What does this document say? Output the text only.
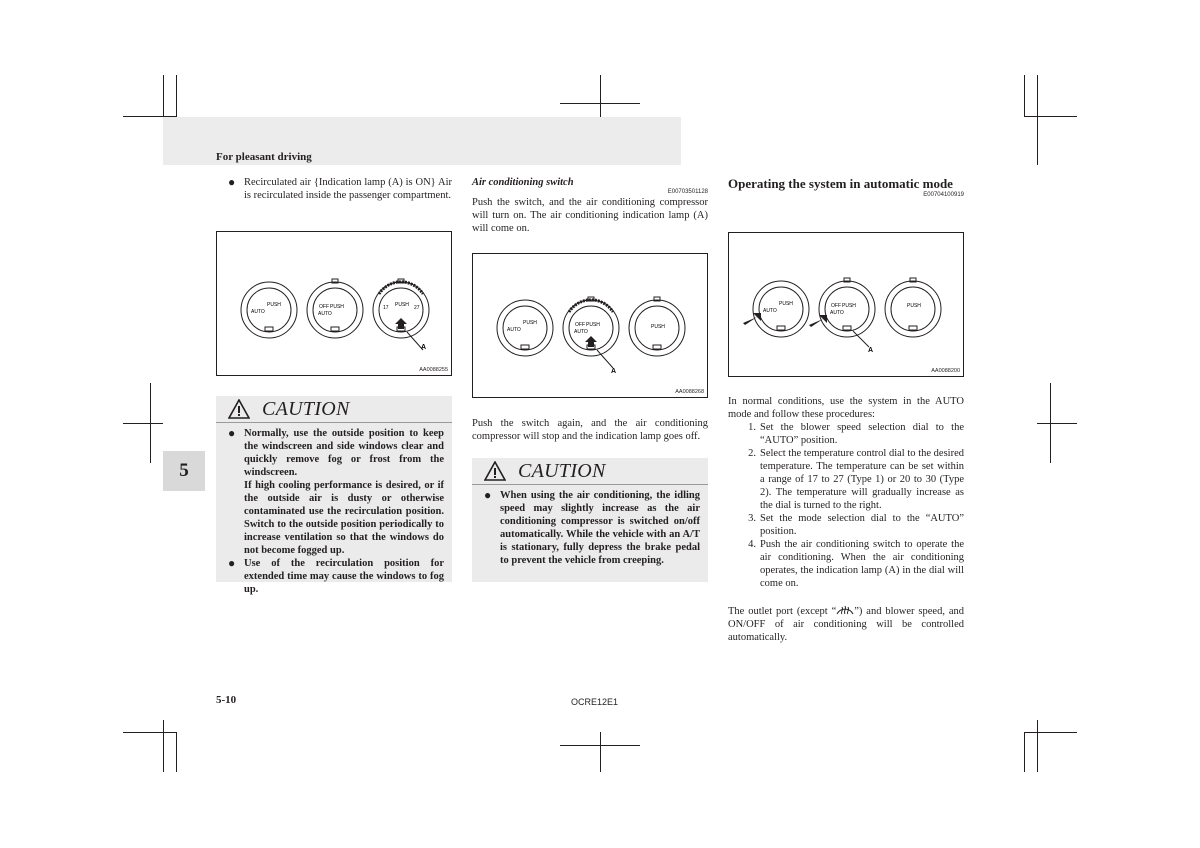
For pleasant driving
5
● Recirculated air {Indication lamp (A) is ON} Air is recirculated inside the passenger compartment.
PUSH
AUTO
OFF PUSH
AUTO
PUSH
17	27
A
AA0088255
CAUTION
● Normally, use the outside position to keep the windscreen and side windows clear and quickly remove fog or frost from the windscreen.
If high cooling performance is desired, or if the outside air is dusty or otherwise contaminated use the recirculation position. Switch to the outside position periodically to increase ventilation so that the windows do not become fogged up.
● Use of the recirculation position for extended time may cause the windows to fog up.
Air conditioning switch
E00703501128
Push the switch, and the air conditioning compressor will turn on. The air conditioning indication lamp (A) will come on.
PUSH
AUTO
OFF PUSH
AUTO
PUSH
A
AA0088268
Push the switch again, and the air conditioning compressor will stop and the indication lamp goes off.
CAUTION
● When using the air conditioning, the idling speed may slightly increase as the air conditioning compressor is switched on/off automatically. While the vehicle with an A/T is stationary, fully depress the brake pedal to prevent the vehicle from creeping.
Operating the system in automatic mode
E00704100919
PUSH
AUTO
OFF PUSH
AUTO
PUSH
A
AA0088200
In normal conditions, use the system in the AUTO mode and follow these procedures:
1. Set the blower speed selection dial to the “AUTO” position.
2. Select the temperature control dial to the desired temperature. The temperature can be set within a range of 17 to 27 (Type 1) or 20 to 30 (Type 2). The temperature will gradually increase as the dial is turned to the right.
3. Set the mode selection dial to the “AUTO” position.
4. Push the air conditioning switch to operate the air conditioning. When the air conditioning operates, the indication lamp (A) in the dial will come on.
The outlet port (except “ ”) and blower speed, and ON/OFF of air conditioning will be controlled automatically.
5-10	OCRE12E1
